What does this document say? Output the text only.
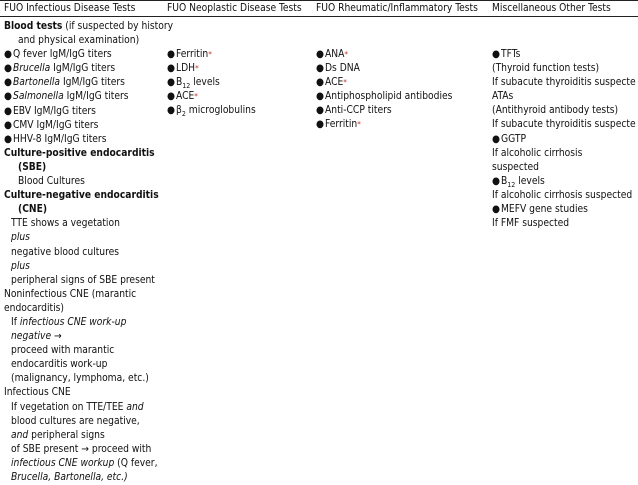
FUO Infectious Disease Tests	FUO Neoplastic Disease Tests FUO Rheumatic/Inflammatory Tests Miscellaneous Other Tests
Blood tests (if suspected by history
and physical examination)
●Q fever IgM/IgG titers
●Brucella IgM/IgG titers
●Bartonella IgM/IgG titers
●Salmonella IgM/IgG titers
●EBV IgM/IgG titers
●CMV IgM/IgG titers
●HHV-8 IgM/IgG titers
Culture-positive endocarditis
(SBE)
Blood Cultures
Culture-negative endocarditis
(CNE)
TTE shows a vegetation
plus
negative blood cultures
plus
peripheral signs of SBE present
Noninfectious CNE (marantic
endocarditis)
If infectious CNE work-up
negative →
proceed with marantic
endocarditis work-up
(malignancy, lymphoma, etc.)
Infectious CNE
If vegetation on TTE/TEE and
blood cultures are negative,
and peripheral signs
of SBE present → proceed with
infectious CNE workup (Q fever,
Brucella, Bartonella, etc.)
●Ferritin*
●LDH*
$●B_{12}$ levels
●ACE*
$●\beta_2$ microglobulins
●ANA*
●Ds DNA
●ACE*
●Antiphospholipid antibodies
●Anti-CCP titers
●Ferritin*
●TFTs
(Thyroid function tests)
If subacute thyroiditis suspecte
ATAs
(Antithyroid antibody tests)
If subacute thyroiditis suspecte
●GGTP
If alcoholic cirrhosis
suspected
$●B_{12}$ levels
If alcoholic cirrhosis suspected
●MEFV gene studies
If FMF suspected
